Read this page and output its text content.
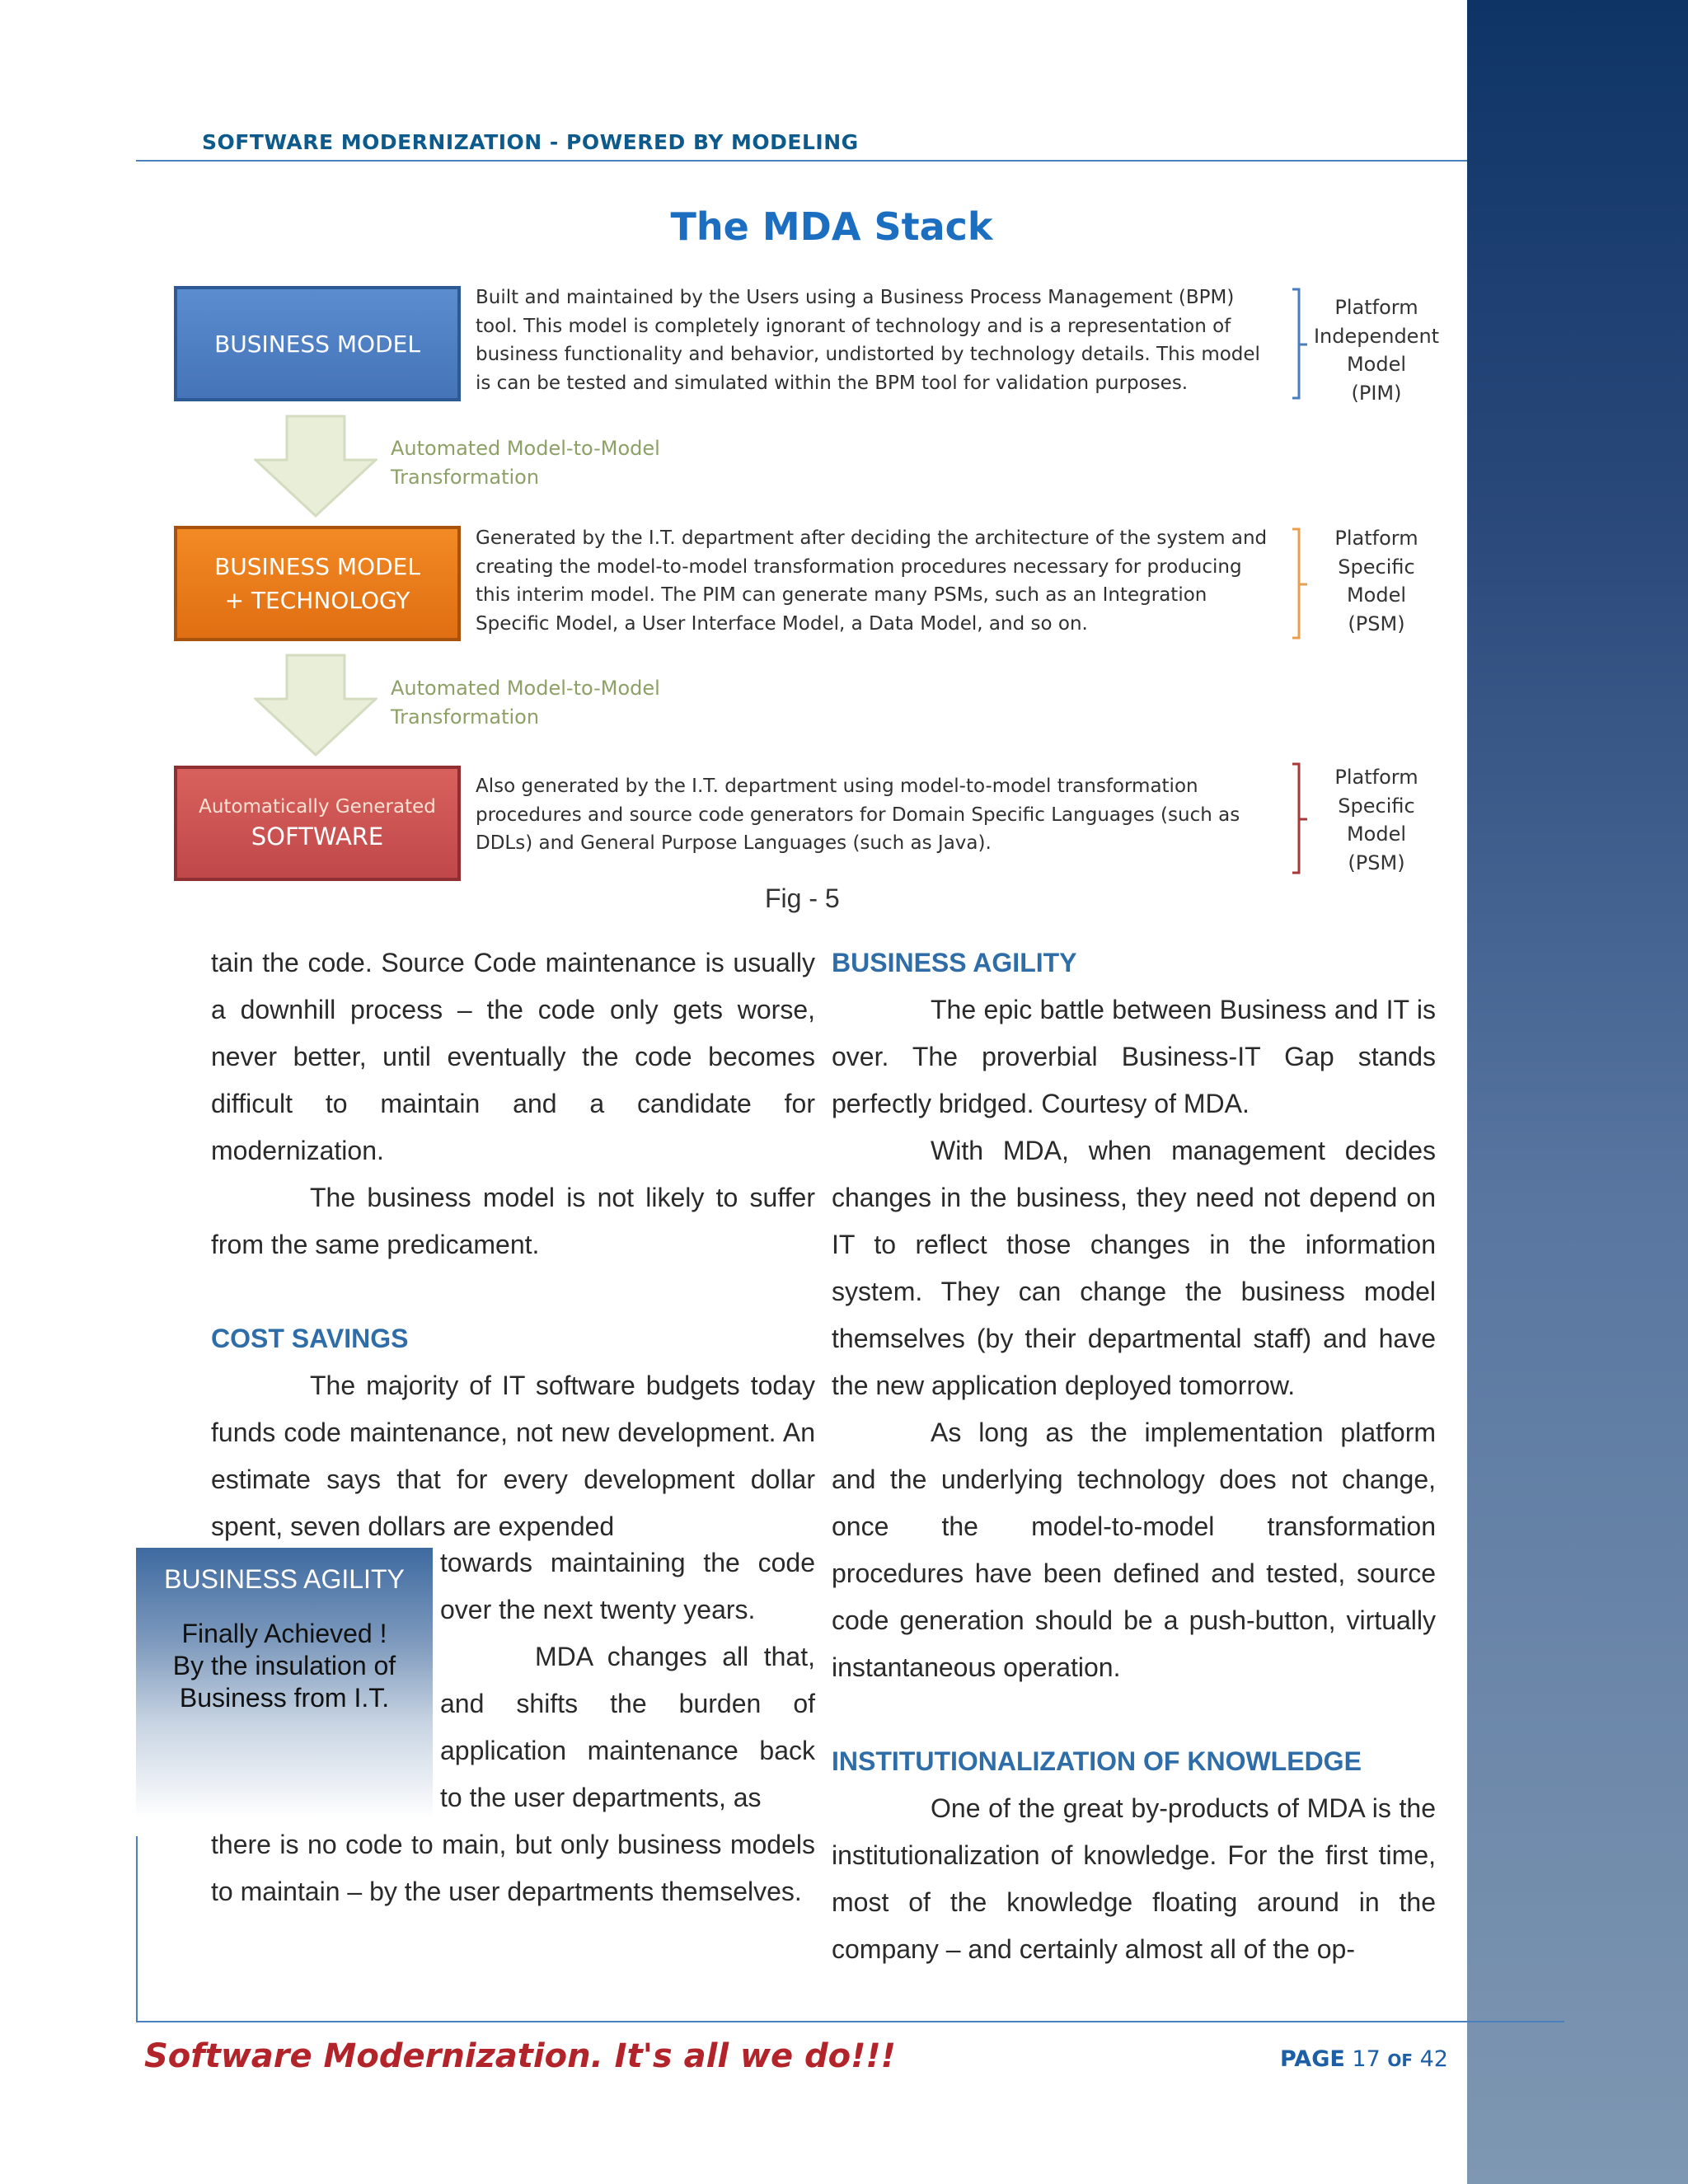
SOFTWARE MODERNIZATION - POWERED BY MODELING
The MDA Stack
BUSINESS MODEL
Built and maintained by the Users using a Business Process Management (BPM) tool. This model is completely ignorant of technology and is a representation of business functionality and behavior, undistorted by technology details. This model is can be tested and simulated within the BPM tool for validation purposes.
Platform
Independent
Model
(PIM)
Automated Model-to-Model
Transformation
BUSINESS MODEL
+ TECHNOLOGY
Generated by the I.T. department after deciding the architecture of the system and creating the model-to-model transformation procedures necessary for producing this interim model. The PIM can generate many PSMs, such as an Integration Specific Model, a User Interface Model, a Data Model, and so on.
Platform
Specific
Model
(PSM)
Automated Model-to-Model
Transformation
Automatically Generated
SOFTWARE
Also generated by the I.T. department using model-to-model transformation procedures and source code generators for Domain Specific Languages (such as DDLs) and General Purpose Languages (such as Java).
Platform
Specific
Model
(PSM)
Fig - 5

tain the code. Source Code maintenance is usually a downhill process – the code only gets worse, never better, until eventually the code becomes difficult to maintain and a candidate for modernization.

The business model is not likely to suffer from the same predicament.

COST SAVINGS

The majority of IT software budgets today funds code maintenance, not new development. An estimate says that for every development dollar spent, seven dollars are expended

towards maintaining the code over the next twenty years.

MDA changes all that, and shifts the burden of application maintenance back to the user departments, as

there is no code to main, but only business models to maintain – by the user departments themselves.

BUSINESS AGILITY
Finally Achieved !
By the insulation of
Business from I.T.
BUSINESS AGILITY

The epic battle between Business and IT is over. The proverbial Business-IT Gap stands perfectly bridged. Courtesy of MDA.

With MDA, when management decides changes in the business, they need not depend on IT to reflect those changes in the information system. They can change the business model themselves (by their departmental staff) and have the new application deployed tomorrow.

As long as the implementation platform and the underlying technology does not change, once the model-to-model transformation procedures have been defined and tested, source code generation should be a push-button, virtually instantaneous operation.

INSTITUTIONALIZATION OF KNOWLEDGE

One of the great by-products of MDA is the institutionalization of knowledge. For the first time, most of the knowledge floating around in the company – and certainly almost all of the op-

Software Modernization. It's all we do!!!	PAGE 17 OF 42
